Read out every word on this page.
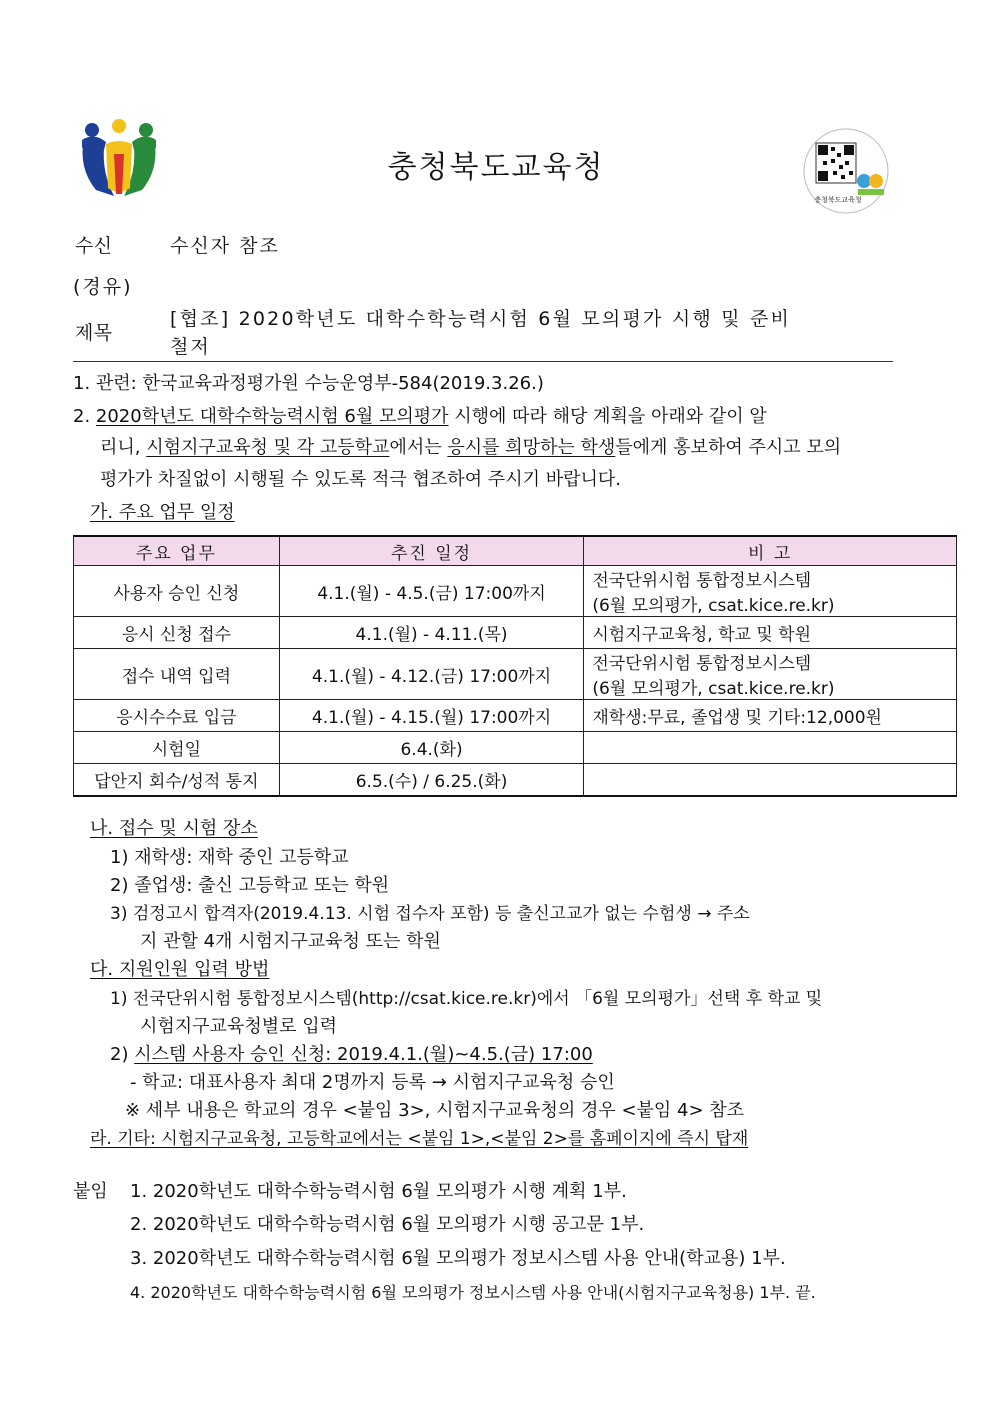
충청북도교육청
충청북도교육청
수신	수신자 참조
(경유)
제목
[협조] 2020학년도 대학수학능력시험 6월 모의평가 시행 및 준비
철저
1. 관련: 한국교육과정평가원 수능운영부-584(2019.3.26.)
2. 2020학년도 대학수학능력시험 6월 모의평가 시행에 따라 해당 계획을 아래와 같이 알
리니, 시험지구교육청 및 각 고등학교에서는 응시를 희망하는 학생들에게 홍보하여 주시고 모의
평가가 차질없이 시행될 수 있도록 적극 협조하여 주시기 바랍니다.
가. 주요 업무 일정
주요 업무	추진 일정	비 고
사용자 승인 신청	4.1.(월) - 4.5.(금) 17:00까지	전국단위시험 통합정보시스템
(6월 모의평가, csat.kice.re.kr)

응시 신청 접수	4.1.(월) - 4.11.(목)	시험지구교육청, 학교 및 학원
접수 내역 입력	4.1.(월) - 4.12.(금) 17:00까지	전국단위시험 통합정보시스템
(6월 모의평가, csat.kice.re.kr)

응시수수료 입금	4.1.(월) - 4.15.(월) 17:00까지	재학생:무료, 졸업생 및 기타:12,000원
시험일	6.4.(화)	
답안지 회수/성적 통지	6.5.(수) / 6.25.(화)	
나. 접수 및 시험 장소
1) 재학생: 재학 중인 고등학교
2) 졸업생: 출신 고등학교 또는 학원
3) 검정고시 합격자(2019.4.13. 시험 접수자 포함) 등 출신고교가 없는 수험생 → 주소
지 관할 4개 시험지구교육청 또는 학원
다. 지원인원 입력 방법
1) 전국단위시험 통합정보시스템(http://csat.kice.re.kr)에서 「6월 모의평가」선택 후 학교 및
시험지구교육청별로 입력
2) 시스템 사용자 승인 신청: 2019.4.1.(월)~4.5.(금) 17:00
- 학교: 대표사용자 최대 2명까지 등록 → 시험지구교육청 승인
※ 세부 내용은 학교의 경우 <붙임 3>, 시험지구교육청의 경우 <붙임 4> 참조
라. 기타: 시험지구교육청, 고등학교에서는 <붙임 1>,<붙임 2>를 홈페이지에 즉시 탑재
붙임 1. 2020학년도 대학수학능력시험 6월 모의평가 시행 계획 1부.
2. 2020학년도 대학수학능력시험 6월 모의평가 시행 공고문 1부.
3. 2020학년도 대학수학능력시험 6월 모의평가 정보시스템 사용 안내(학교용) 1부.
4. 2020학년도 대학수학능력시험 6월 모의평가 정보시스템 사용 안내(시험지구교육청용) 1부. 끝.
